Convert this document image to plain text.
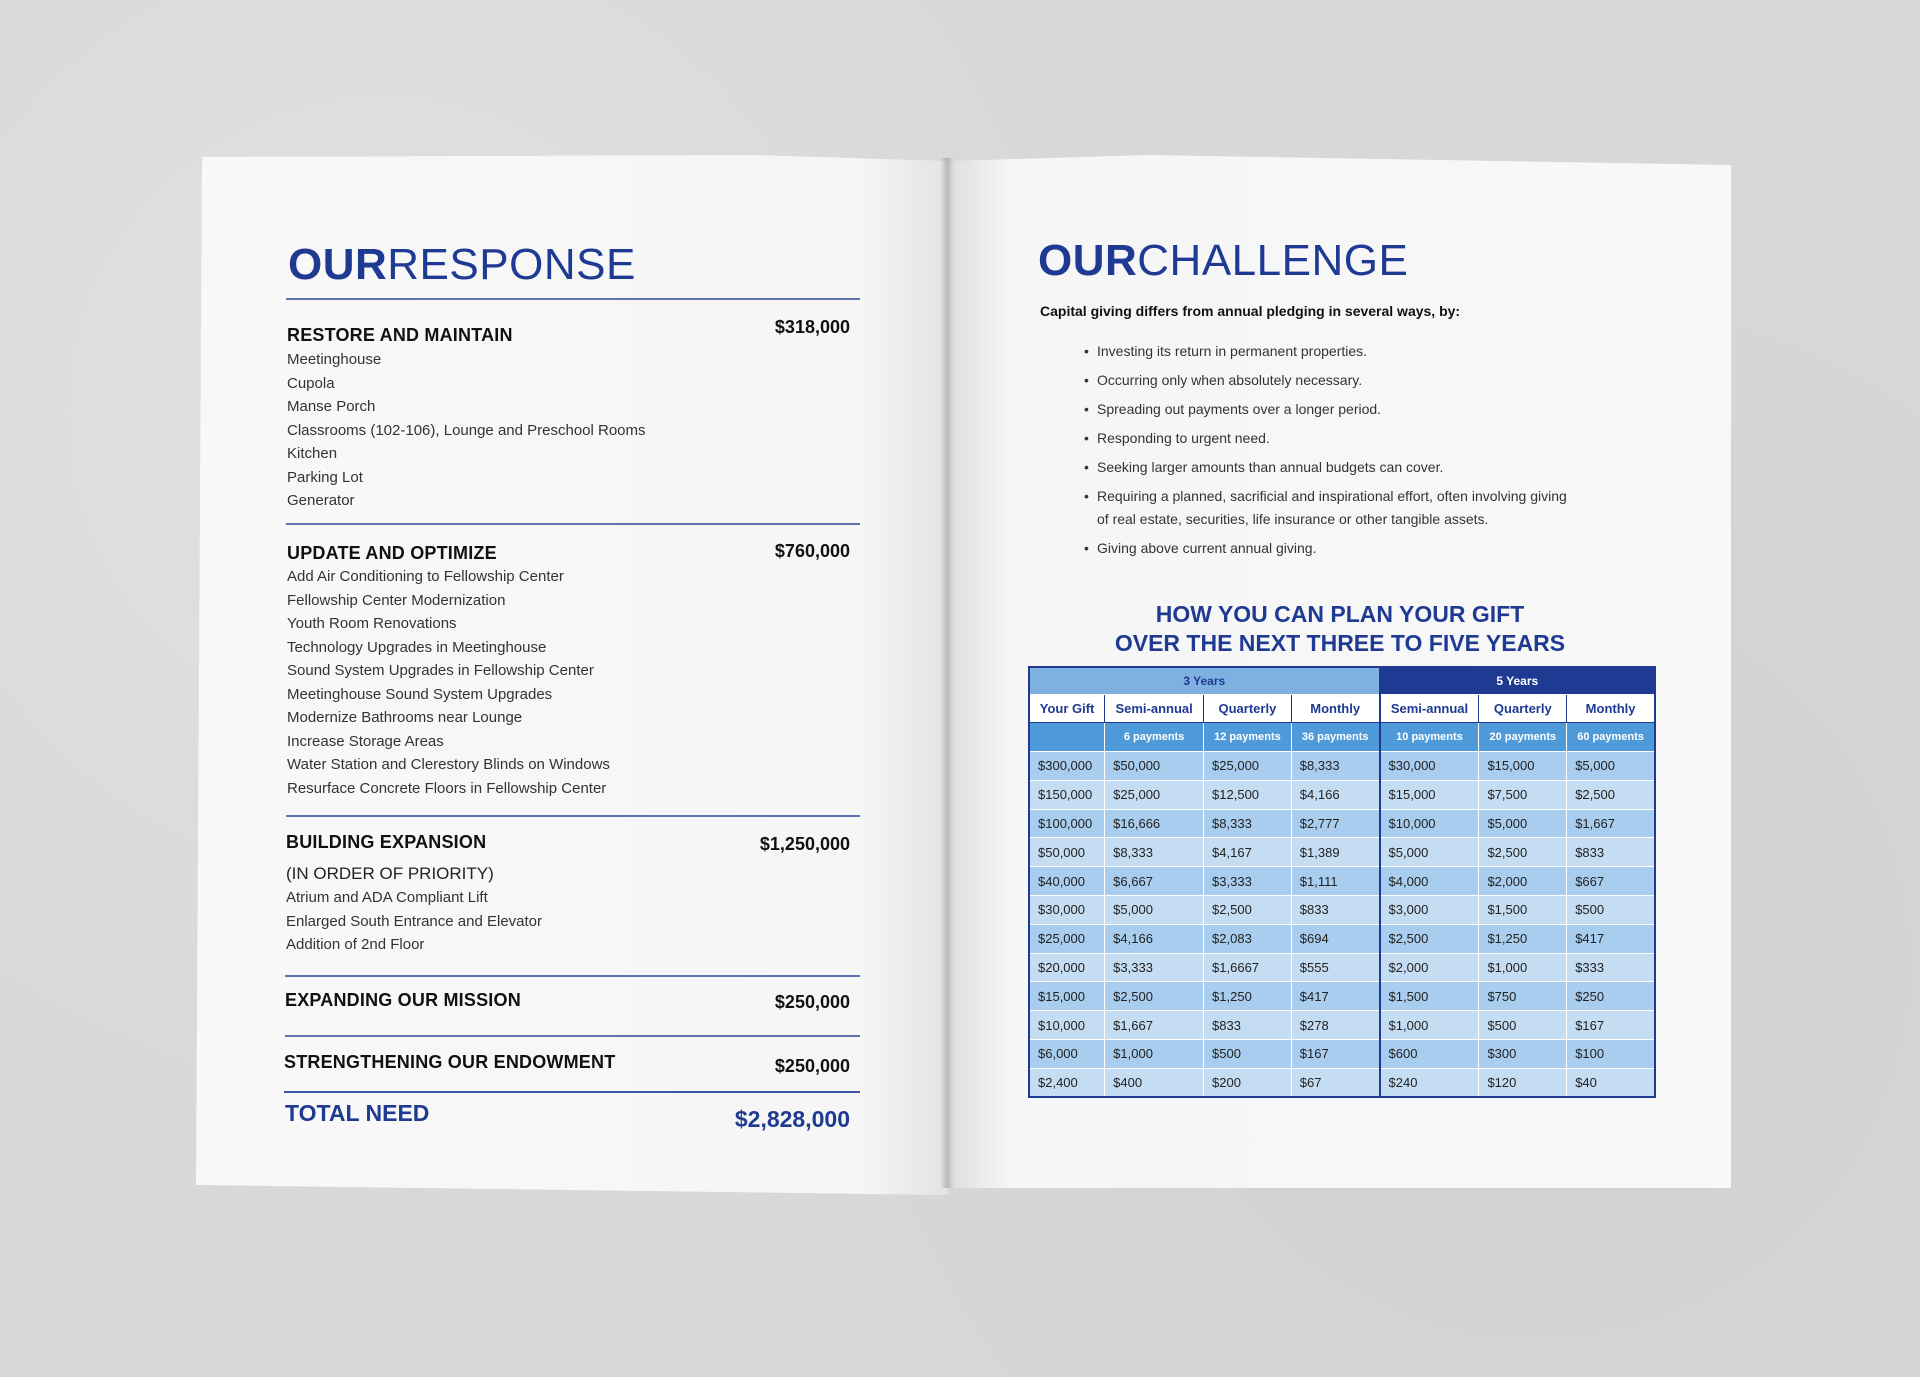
OURRESPONSE
RESTORE AND MAINTAIN	$318,000
Meetinghouse
Cupola
Manse Porch
Classrooms (102-106), Lounge and Preschool Rooms
Kitchen
Parking Lot
Generator
UPDATE AND OPTIMIZE	$760,000
Add Air Conditioning to Fellowship Center
Fellowship Center Modernization
Youth Room Renovations
Technology Upgrades in Meetinghouse
Sound System Upgrades in Fellowship Center
Meetinghouse Sound System Upgrades
Modernize Bathrooms near Lounge
Increase Storage Areas
Water Station and Clerestory Blinds on Windows
Resurface Concrete Floors in Fellowship Center
BUILDING EXPANSION	$1,250,000
(IN ORDER OF PRIORITY)
Atrium and ADA Compliant Lift
Enlarged South Entrance and Elevator
Addition of 2nd Floor
EXPANDING OUR MISSION	$250,000
STRENGTHENING OUR ENDOWMENT	$250,000
TOTAL NEED	$2,828,000
OURCHALLENGE
Capital giving differs from annual pledging in several ways, by:
• Investing its return in permanent properties.
• Occurring only when absolutely necessary.
• Spreading out payments over a longer period.
• Responding to urgent need.
• Seeking larger amounts than annual budgets can cover.
• Requiring a planned, sacrificial and inspirational effort, often involving giving of real estate, securities, life insurance or other tangible assets.
• Giving above current annual giving.
HOW YOU CAN PLAN YOUR GIFT
OVER THE NEXT THREE TO FIVE YEARS
3 Years				5 Years		
Your Gift	Semi-annual	Quarterly	Monthly	Semi-annual	Quarterly	Monthly
	6 payments	12 payments	36 payments	10 payments	20 payments	60 payments
$300,000	$50,000	$25,000	$8,333	$30,000	$15,000	$5,000
$150,000	$25,000	$12,500	$4,166	$15,000	$7,500	$2,500
$100,000	$16,666	$8,333	$2,777	$10,000	$5,000	$1,667
$50,000	$8,333	$4,167	$1,389	$5,000	$2,500	$833
$40,000	$6,667	$3,333	$1,111	$4,000	$2,000	$667
$30,000	$5,000	$2,500	$833	$3,000	$1,500	$500
$25,000	$4,166	$2,083	$694	$2,500	$1,250	$417
$20,000	$3,333	$1,6667	$555	$2,000	$1,000	$333
$15,000	$2,500	$1,250	$417	$1,500	$750	$250
$10,000	$1,667	$833	$278	$1,000	$500	$167
$6,000	$1,000	$500	$167	$600	$300	$100
$2,400	$400	$200	$67	$240	$120	$40
